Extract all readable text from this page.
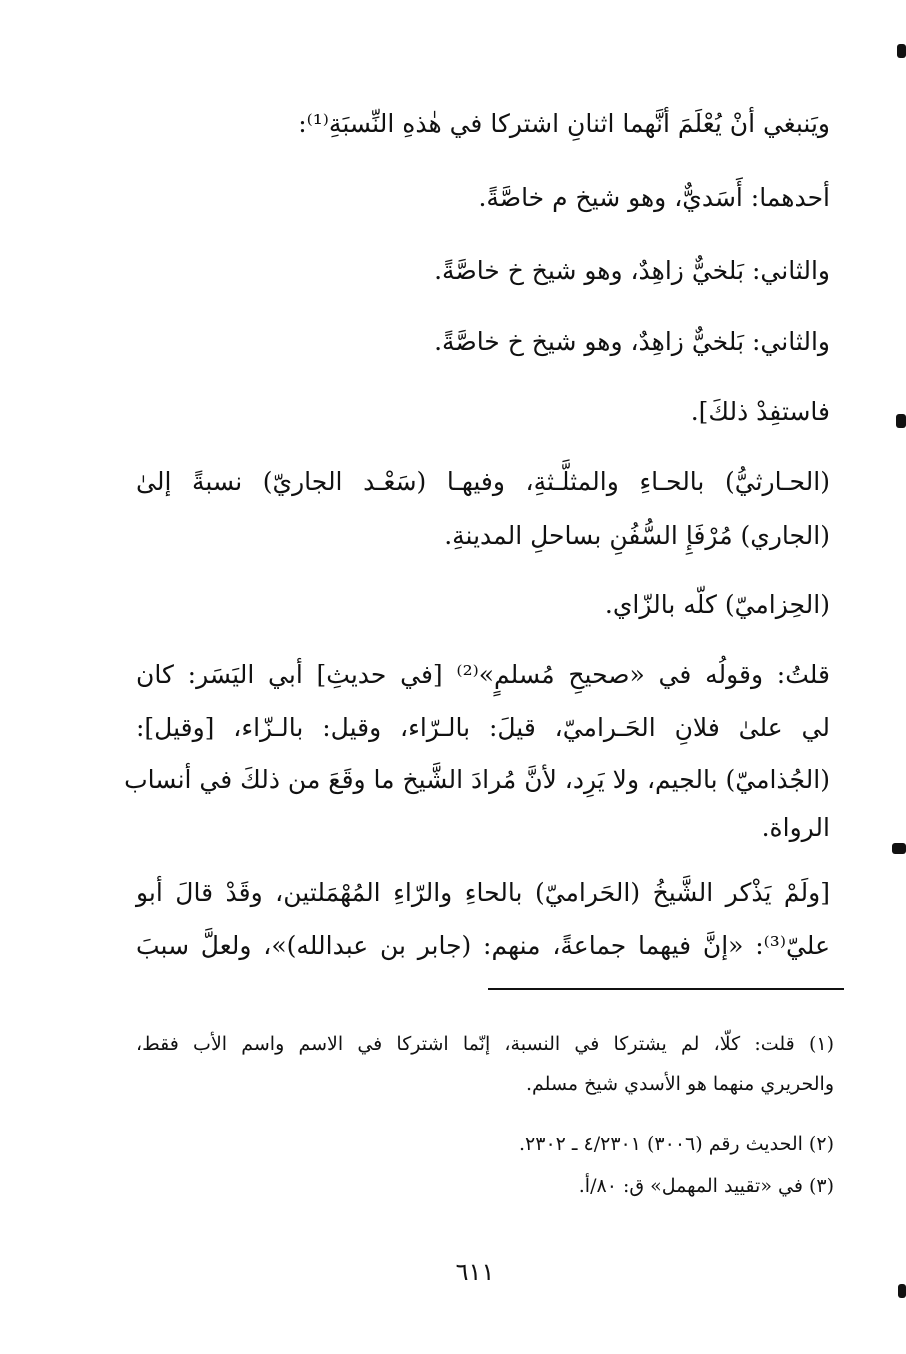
ويَنبغي أنْ يُعْلَمَ أنَّهما اثنانِ اشتركا في هٰذهِ النِّسبَةِ⁽¹⁾:
أحدهما: أَسَديٌّ، وهو شيخ م خاصَّةً.
والثاني: بَلخيٌّ زاهِدٌ، وهو شيخ خ خاصَّةً.
والثاني: بَلخيٌّ زاهِدٌ، وهو شيخ خ خاصَّةً.
فاستفِدْ ذلكَ].
(الحـارثيُّ) بالحـاءِ والمثلَّـثةِ، وفيهـا (سَعْـد الجاريّ) نسبةً إلىٰ
(الجاري) مُرْفَإِ السُّفُنِ بساحلِ المدينةِ.
(الحِزاميّ) كلّه بالزّاي.
قلتُ: وقولُه في «صحيحِ مُسلمٍ»⁽²⁾ [في حديثِ] أبي اليَسَر: كان
لي علىٰ فلانِ الحَـراميّ، قيلَ: بالـرّاء، وقيل: بالـزّاء، [وقيل]:
(الجُذاميّ) بالجيم، ولا يَرِد، لأنَّ مُرادَ الشَّيخ ما وقَعَ من ذلكَ في أنساب
الرواة.
[ولَمْ يَذْكر الشَّيخُ (الحَراميّ) بالحاءِ والرّاءِ المُهْمَلتين، وقَدْ قالَ أبو
عليّ⁽³⁾: «إنَّ فيهما جماعةً، منهم: (جابر بن عبدالله)»، ولعلَّ سببَ
(١) قلت: كلّا، لم يشتركا في النسبة، إنّما اشتركا في الاسم واسم الأب فقط،
والحريري منهما هو الأسدي شيخ مسلم.
(٢) الحديث رقم (٣٠٠٦) ٤/٢٣٠١ ـ ٢٣٠٢.
(٣) في «تقييد المهمل» ق: ٨٠/أ.
٦١١
